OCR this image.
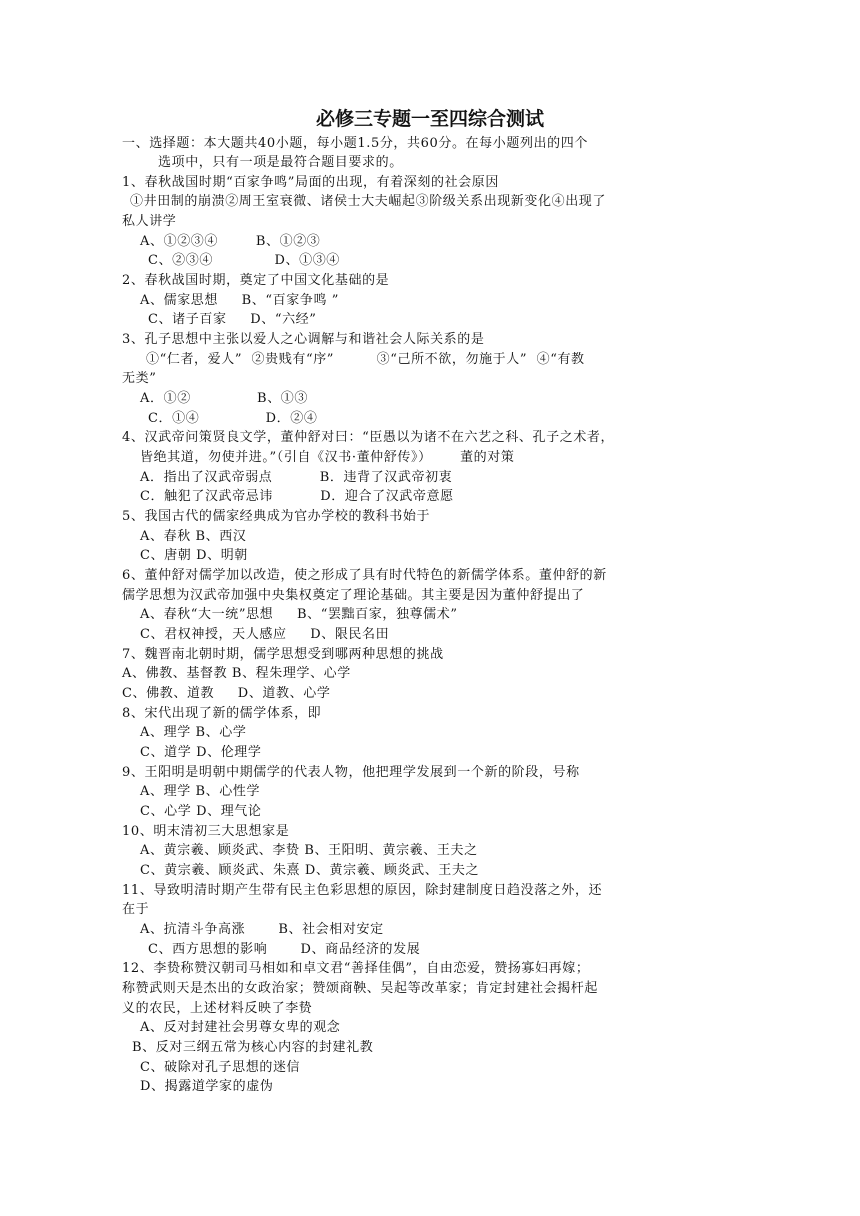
必修三专题一至四综合测试
一、选择题：本大题共40小题，每小题1.5分，共60分。在每小题列出的四个
选项中，只有一项是最符合题目要求的。
1、春秋战国时期“百家争鸣”局面的出现，有着深刻的社会原因
①井田制的崩溃②周王室衰微、诸侯士大夫崛起③阶级关系出现新变化④出现了
私人讲学
A、①②③④        B、①②③
C、②③④             D、①③④
2、春秋战国时期，奠定了中国文化基础的是
A、儒家思想     B、“百家争鸣 ”
C、诸子百家     D、“六经”
3、孔子思想中主张以爱人之心调解与和谐社会人际关系的是
①“仁者，爱人”  ②贵贱有“序”         ③“己所不欲，勿施于人”  ④“有教
无类”
A．①②              B、①③
C．①④              D．②④
4、汉武帝问策贤良文学，董仲舒对曰：“臣愚以为诸不在六艺之科、孔子之术者，
皆绝其道，勿使并进。”（引自《汉书·董仲舒传》）      董的对策
A．指出了汉武帝弱点          B．违背了汉武帝初衷
C．触犯了汉武帝忌讳          D．迎合了汉武帝意愿
5、我国古代的儒家经典成为官办学校的教科书始于
A、春秋 B、西汉
C、唐朝 D、明朝
6、董仲舒对儒学加以改造，使之形成了具有时代特色的新儒学体系。董仲舒的新
儒学思想为汉武帝加强中央集权奠定了理论基础。其主要是因为董仲舒提出了
A、春秋“大一统”思想     B、“罢黜百家，独尊儒术”
C、君权神授，天人感应     D、限民名田
7、魏晋南北朝时期，儒学思想受到哪两种思想的挑战
A、佛教、基督教 B、程朱理学、心学
C、佛教、道教     D、道教、心学
8、宋代出现了新的儒学体系，即
A、理学 B、心学
C、道学 D、伦理学
9、王阳明是明朝中期儒学的代表人物，他把理学发展到一个新的阶段，号称
A、理学 B、心性学
C、心学 D、理气论
10、明末清初三大思想家是
A、黄宗羲、顾炎武、李贽 B、王阳明、黄宗羲、王夫之
C、黄宗羲、顾炎武、朱熹 D、黄宗羲、顾炎武、王夫之
11、导致明清时期产生带有民主色彩思想的原因，除封建制度日趋没落之外，还
在于
A、抗清斗争高涨       B、社会相对安定
C、西方思想的影响       D、商品经济的发展
12、李贽称赞汉朝司马相如和卓文君“善择佳偶”，自由恋爱，赞扬寡妇再嫁；
称赞武则天是杰出的女政治家；赞颂商鞅、吴起等改革家；肯定封建社会揭杆起
义的农民，上述材料反映了李贽
A、反对封建社会男尊女卑的观念
B、反对三纲五常为核心内容的封建礼教
C、破除对孔子思想的迷信
D、揭露道学家的虚伪
